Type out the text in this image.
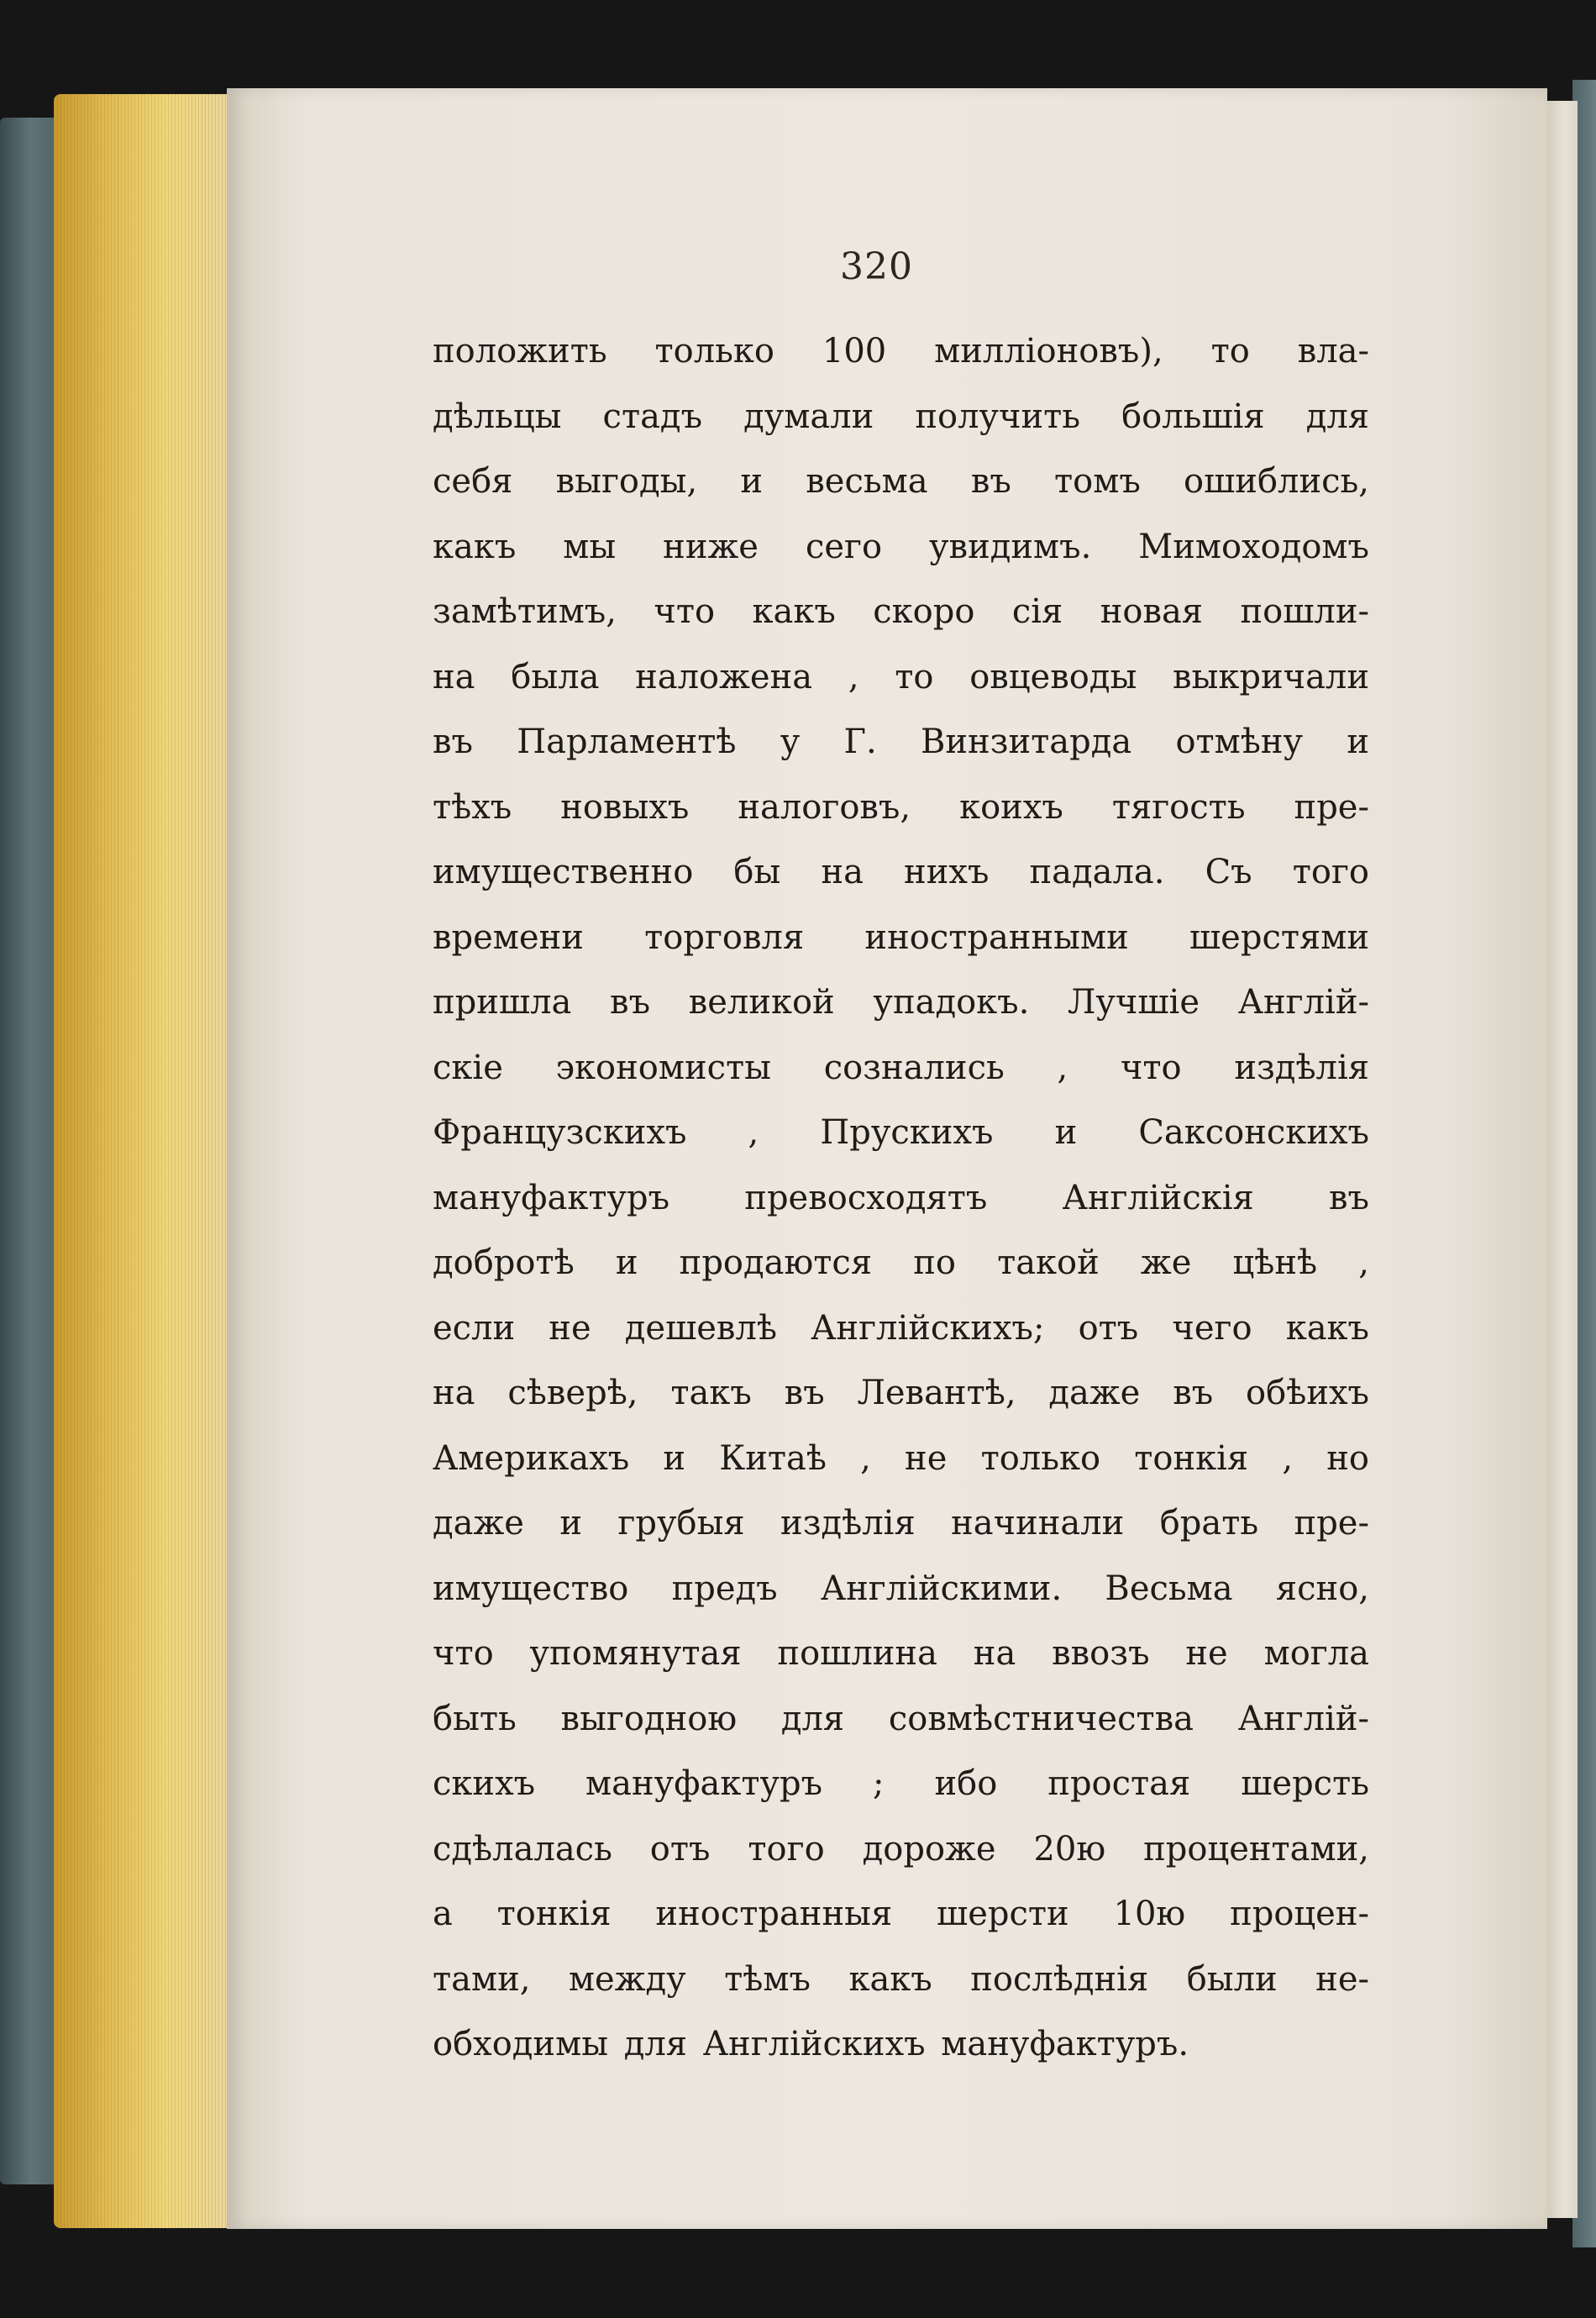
320
положить только 100 миллiоновъ), то вла-
дѣльцы стадъ думали получить большiя для
себя выгоды, и весьма въ томъ ошиблись,
какъ мы ниже сего увидимъ. Мимоходомъ
замѣтимъ, что какъ скоро сiя новая пошли-
на была наложена , то овцеводы выкричали
въ Парламентѣ у Г. Винзитарда отмѣну и
тѣхъ новыхъ налоговъ, коихъ тягость пре-
имущественно бы на нихъ падала. Съ того
времени торговля иностранными шерстями
пришла въ великой упадокъ. Лучшiе Англiй-
скiе экономисты сознались , что издѣлiя
Французскихъ , Прускихъ и Саксонскихъ
мануфактуръ превосходятъ Англiйскiя въ
добротѣ и продаются по такой же цѣнѣ ,
если не дешевлѣ Англiйскихъ; отъ чего какъ
на сѣверѣ, такъ въ Левантѣ, даже въ обѣихъ
Америкахъ и Китаѣ , не только тонкiя , но
даже и грубыя издѣлiя начинали брать пре-
имущество предъ Англiйскими. Весьма ясно,
что упомянутая пошлина на ввозъ не могла
быть выгодною для совмѣстничества Англiй-
скихъ мануфактуръ ; ибо простая шерсть
сдѣлалась отъ того дороже 20ю процентами,
а тонкiя иностранныя шерсти 10ю процен-
тами, между тѣмъ какъ послѣднiя были не-
обходимы для Англiйскихъ мануфактуръ.
